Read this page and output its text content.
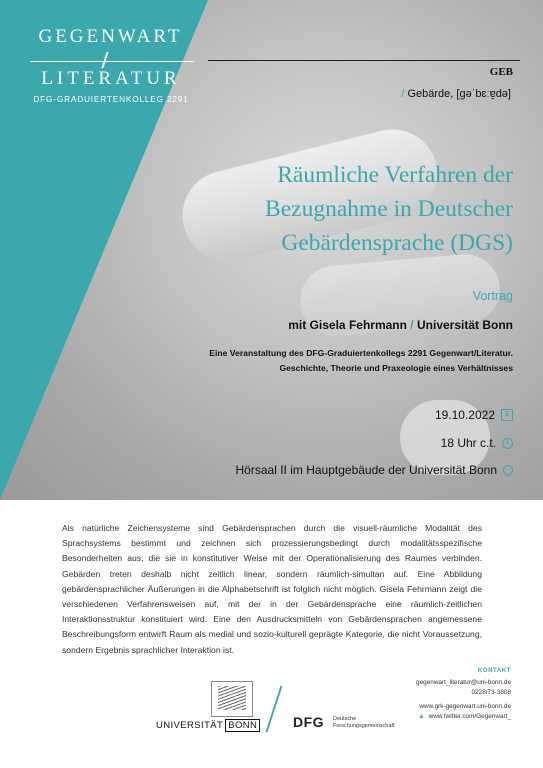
GEGENWART
LITERATUR
DFG-GRADUIERTENKOLLEG 2291
GEB
/ Gebärde, [ɡəˈbɛːɐ̯də]
Räumliche Verfahren der
Bezugnahme in Deutscher
Gebärdensprache (DGS)
Vortrag
mit Gisela Fehrmann / Universität Bonn
Eine Veranstaltung des DFG-Graduiertenkollegs 2291 Gegenwart/Literatur.
Geschichte, Theorie und Praxeologie eines Verhältnisses
19.10.2022	1
18 Uhr c.t.
Hörsaal II im Hauptgebäude der Universität Bonn
Als natürliche Zeichensysteme sind Gebärdensprachen durch die visuell-räumliche Modalität des Sprachsystems bestimmt und zeichnen sich prozessierungsbedingt durch modalitätsspezifische Besonderheiten aus, die sie in konstitutiver Weise mit der Operationalisierung des Raumes verbinden. Gebärden treten deshalb nicht zeitlich linear, sondern räumlich-simultan auf. Eine Abbildung gebärdensprachlicher Äußerungen in die Alphabetschrift ist folglich nicht möglich. Gisela Fehrmann zeigt die verschiedenen Verfahrensweisen auf, mit der in der Gebärdensprache eine räumlich-zeitlichen Interaktionsstruktur konstituiert wird. Eine den Ausdrucksmitteln von Gebärdensprachen angemessene Beschreibungsform entwirft Raum als medial und sozio-kulturell geprägte Kategorie, die nicht Voraussetzung, sondern Ergebnis sprachlicher Interaktion ist.
UNIVERSITÄT BONN	DFG Deutsche
Forschungsgemeinschaft
KONTAKT
gegenwart_literatur@uni-bonn.de
0228/73-3808
www.grk-gegenwart.uni-bonn.de
▲ www.twitter.com/Gegenwart_
